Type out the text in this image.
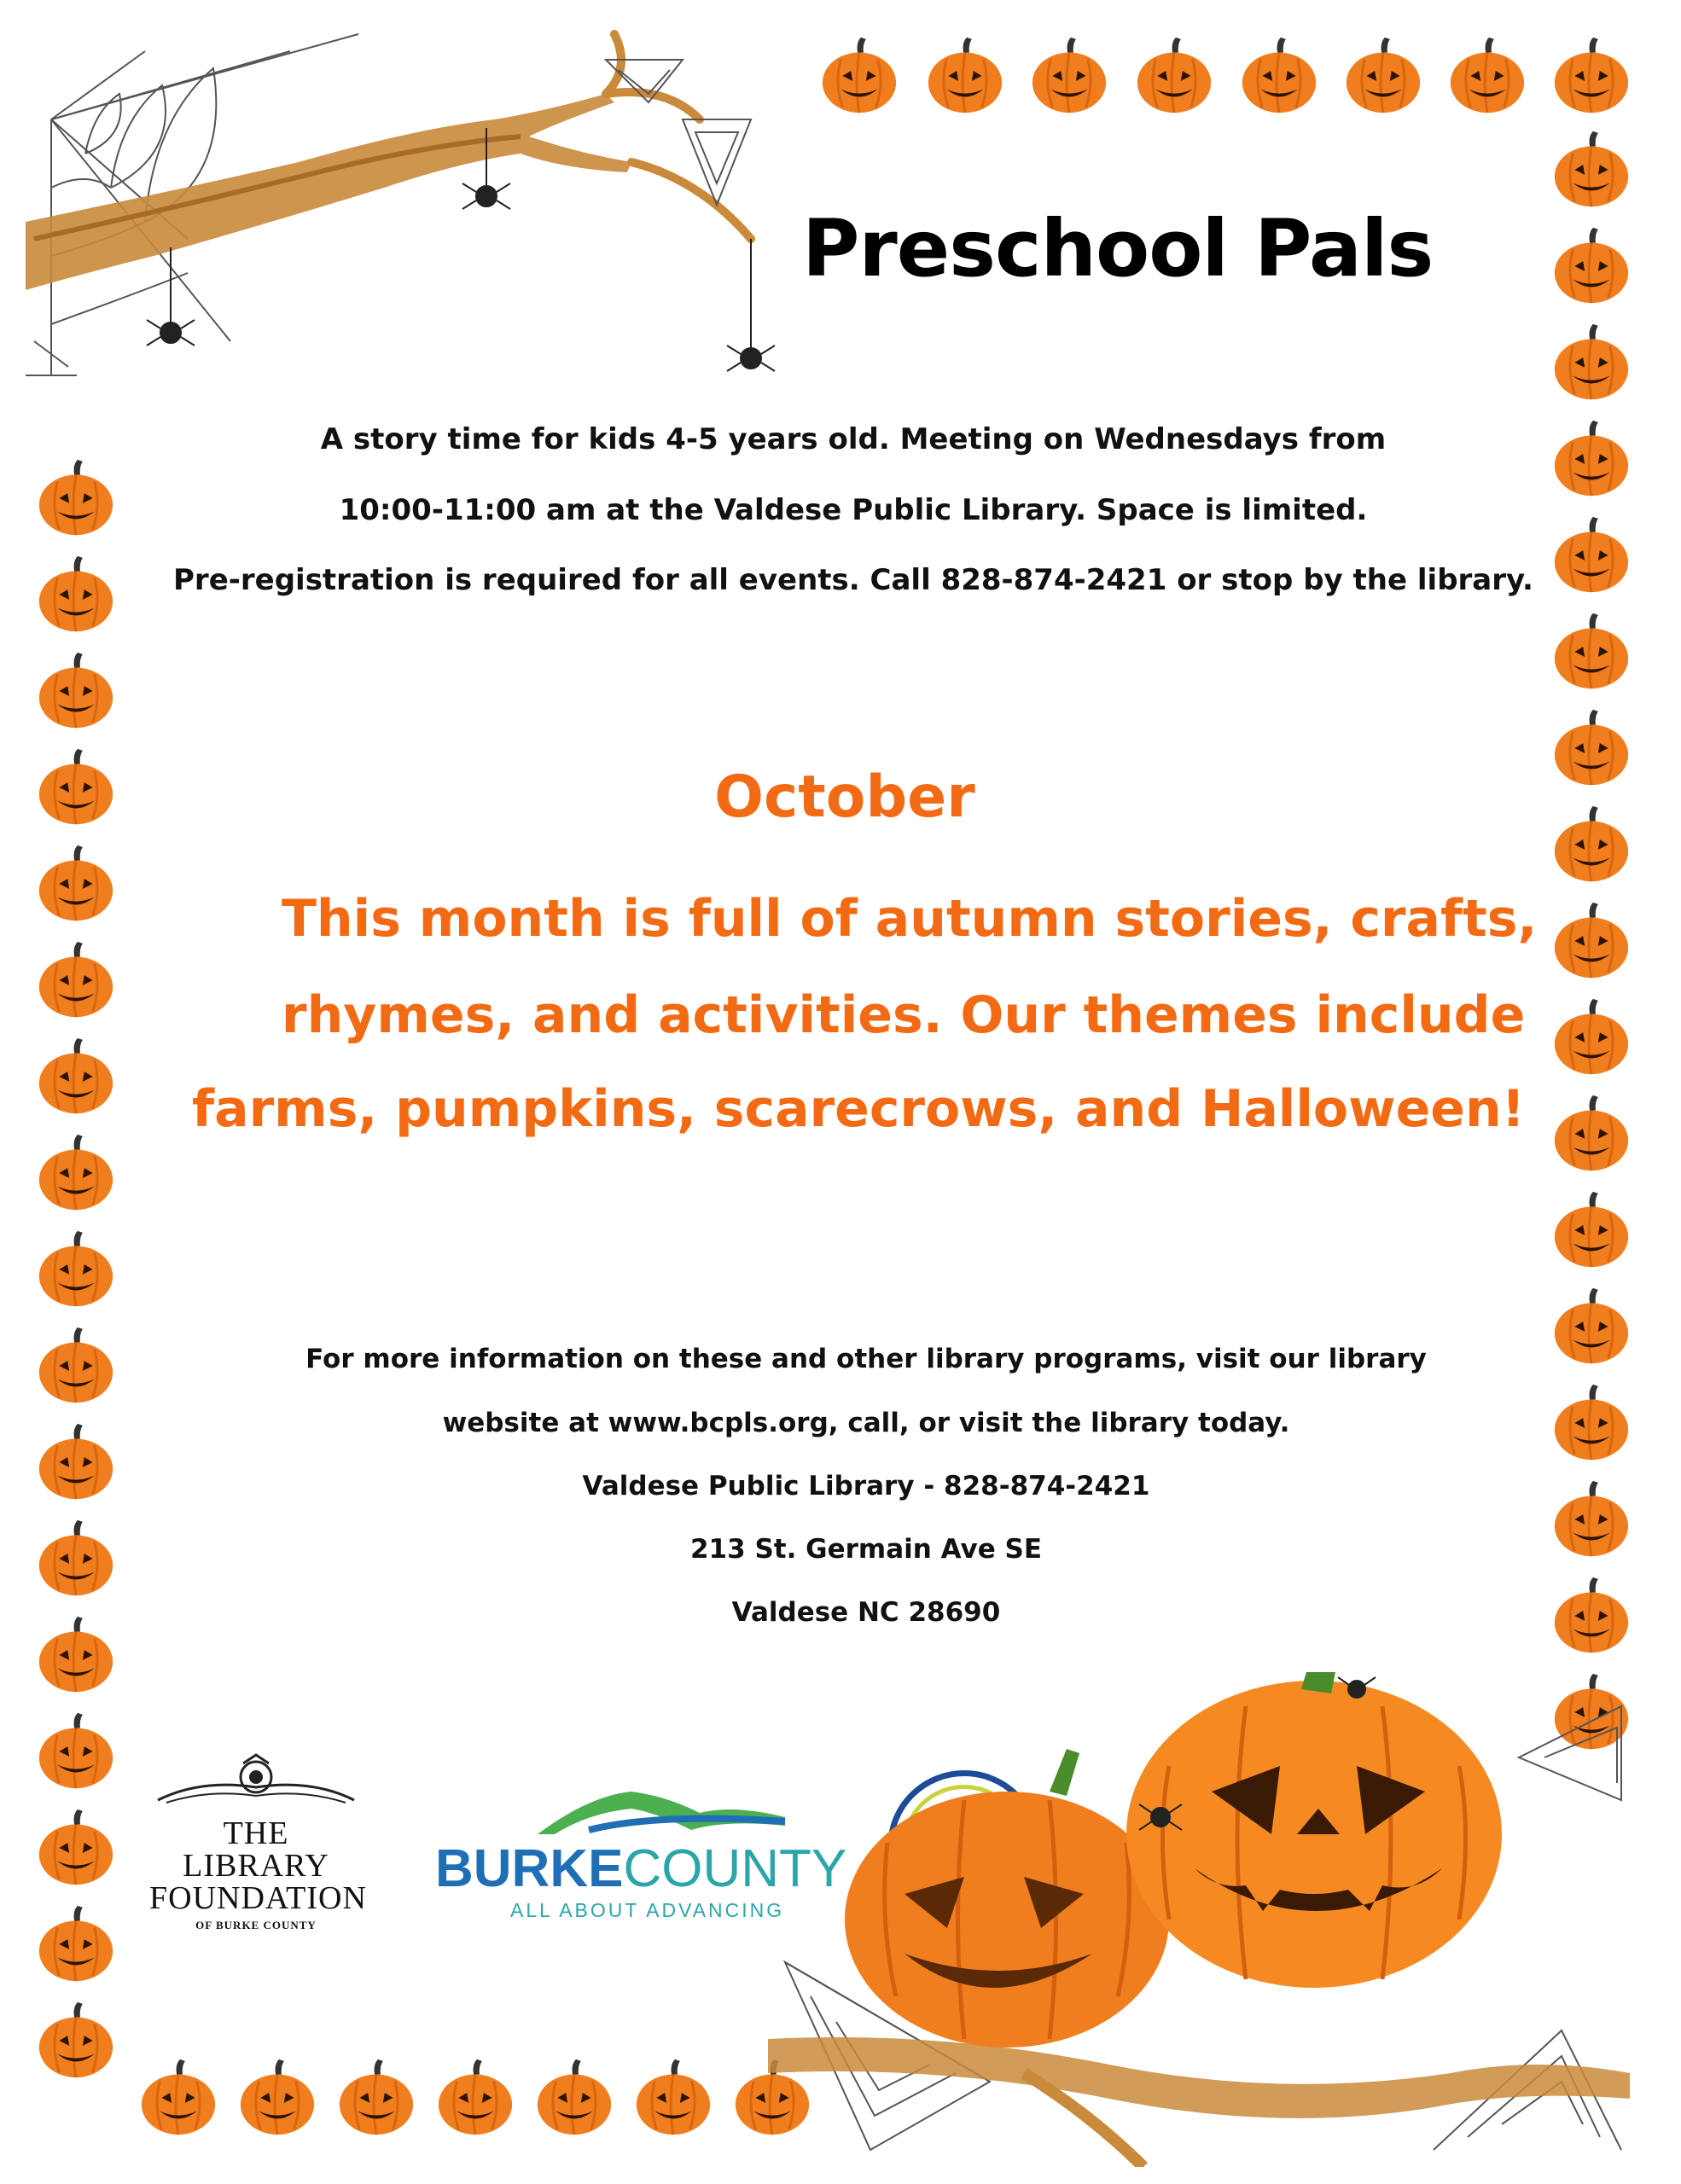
Preschool Pals
A story time for kids 4-5 years old. Meeting on Wednesdays from
10:00-11:00 am at the Valdese Public Library. Space is limited.
Pre-registration is required for all events. Call 828-874-2421 or stop by the library.
October
This month is full of autumn stories, crafts,
rhymes, and activities. Our themes include
farms, pumpkins, scarecrows, and Halloween!
For more information on these and other library programs, visit our library
website at www.bcpls.org, call, or visit the library today.
Valdese Public Library - 828-874-2421
213 St. Germain Ave SE
Valdese NC 28690
THE LIBRARY
FOUNDATION
OF BURKE COUNTY
BURKECOUNTY
ALL ABOUT ADVANCING
